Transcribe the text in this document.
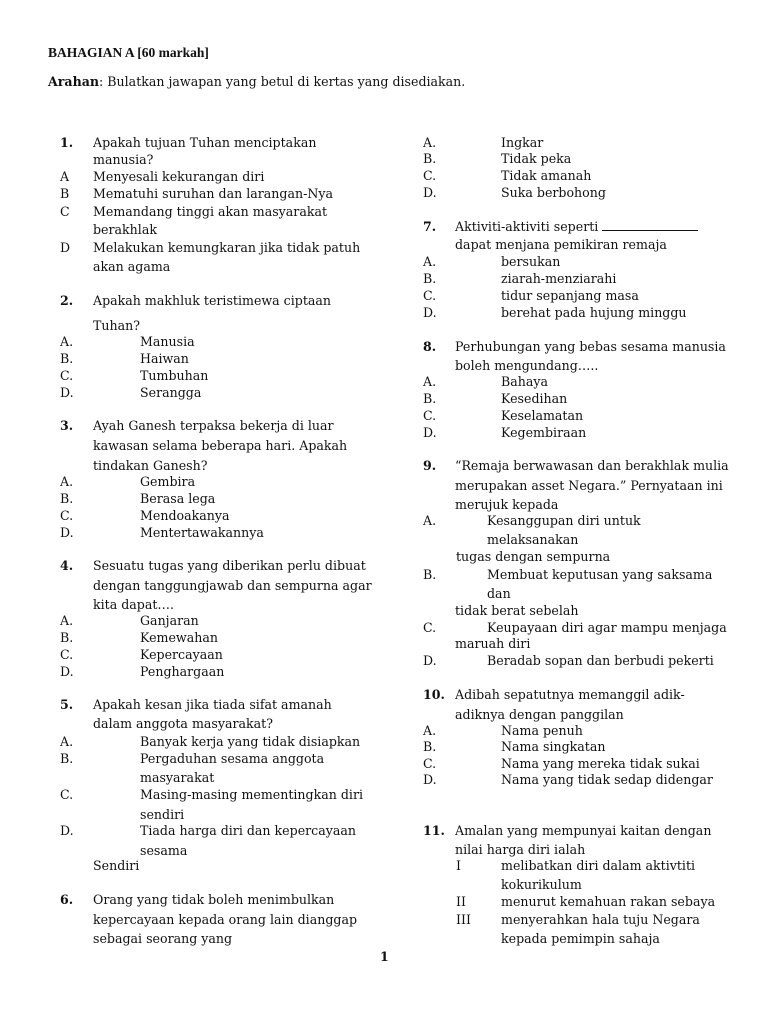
BAHAGIAN A [60 markah]
Arahan: Bulatkan jawapan yang betul di kertas yang disediakan.
1. Apakah tujuan Tuhan menciptakan
manusia?
A Menyesali kekurangan diri
B Mematuhi suruhan dan larangan-Nya
C Memandang tinggi akan masyarakat
berakhlak
D Melakukan kemungkaran jika tidak patuh
akan agama
2. Apakah makhluk teristimewa ciptaan
Tuhan?
A.	Manusia
B.	Haiwan
C.	Tumbuhan
D.	Serangga
3. Ayah Ganesh terpaksa bekerja di luar
kawasan selama beberapa hari. Apakah
tindakan Ganesh?
A.	Gembira
B.	Berasa lega
C.	Mendoakanya
D.	Mentertawakannya
4. Sesuatu tugas yang diberikan perlu dibuat
dengan tanggungjawab dan sempurna agar
kita dapat….
A.	Ganjaran
B.	Kemewahan
C.	Kepercayaan
D.	Penghargaan
5. Apakah kesan jika tiada sifat amanah
dalam anggota masyarakat?
A.	Banyak kerja yang tidak disiapkan
B.	Pergaduhan sesama anggota
masyarakat
C.	Masing-masing mementingkan diri
sendiri
D.	Tiada harga diri dan kepercayaan
sesama
Sendiri
6. Orang yang tidak boleh menimbulkan
kepercayaan kepada orang lain dianggap
sebagai seorang yang
A.	Ingkar
B.	Tidak peka
C.	Tidak amanah
D.	Suka berbohong
7. Aktiviti-aktiviti seperti
dapat menjana pemikiran remaja
A.	bersukan
B.	ziarah-menziarahi
C.	tidur sepanjang masa
D.	berehat pada hujung minggu
8. Perhubungan yang bebas sesama manusia
boleh mengundang…..
A.	Bahaya
B.	Kesedihan
C.	Keselamatan
D.	Kegembiraan
9. “Remaja berwawasan dan berakhlak mulia
merupakan asset Negara.” Pernyataan ini
merujuk kepada
A.	Kesanggupan diri untuk
melaksanakan
tugas dengan sempurna
B.	Membuat keputusan yang saksama
dan
tidak berat sebelah
C.	Keupayaan diri agar mampu menjaga
maruah diri
D.	Beradab sopan dan berbudi pekerti
10. Adibah sepatutnya memanggil adik-
adiknya dengan panggilan
A.	Nama penuh
B.	Nama singkatan
C.	Nama yang mereka tidak sukai
D.	Nama yang tidak sedap didengar
11. Amalan yang mempunyai kaitan dengan
nilai harga diri ialah
I	melibatkan diri dalam aktivtiti
kokurikulum
II	menurut kemahuan rakan sebaya
III menyerahkan hala tuju Negara
kepada pemimpin sahaja
1
